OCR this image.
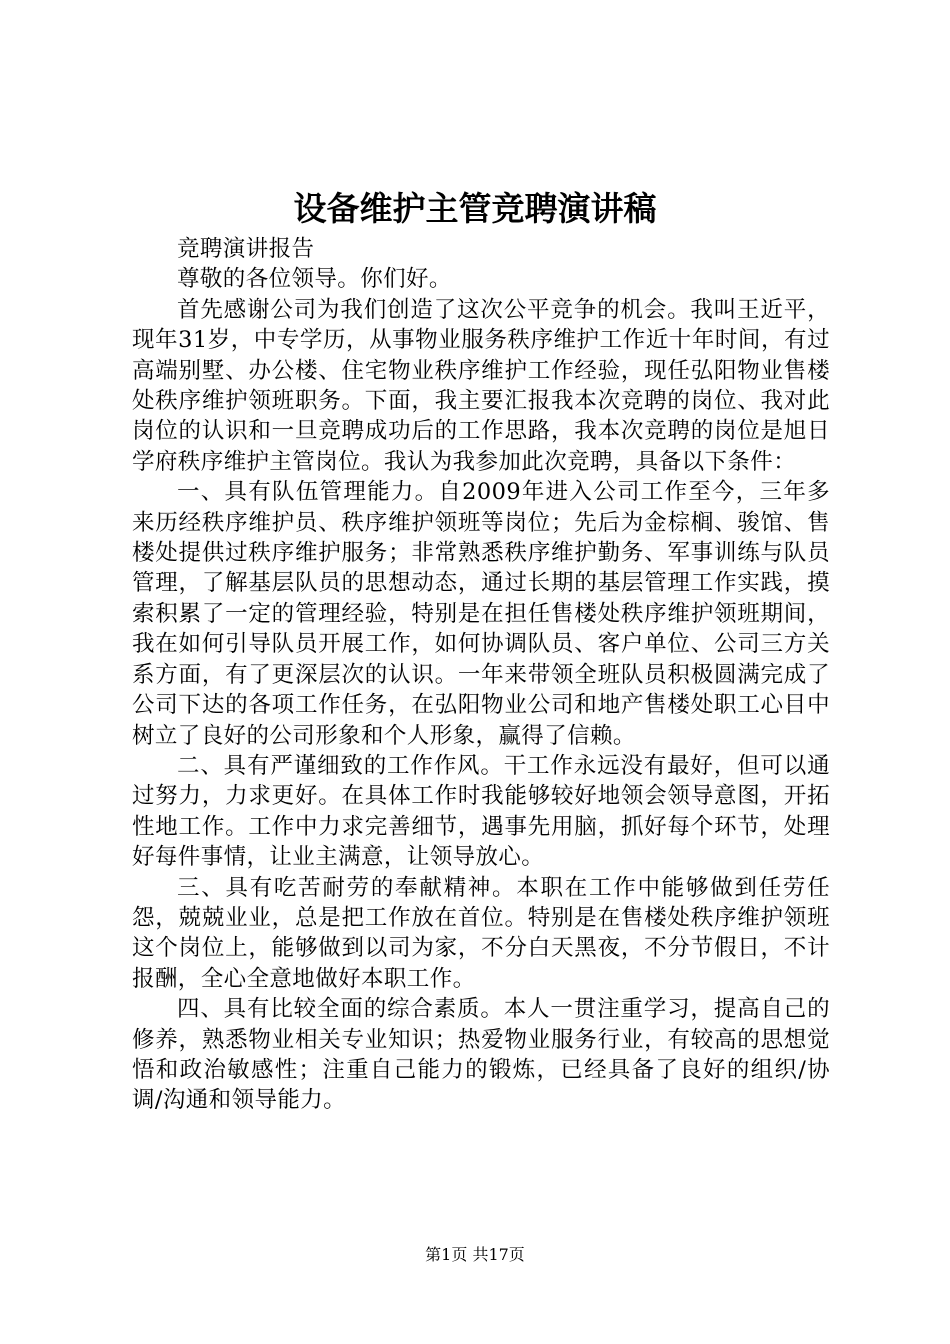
设备维护主管竞聘演讲稿

竞聘演讲报告

尊敬的各位领导。你们好。

首先感谢公司为我们创造了这次公平竞争的机会。我叫王近平，现年31岁，中专学历，从事物业服务秩序维护工作近十年时间，有过高端别墅、办公楼、住宅物业秩序维护工作经验，现任弘阳物业售楼处秩序维护领班职务。下面，我主要汇报我本次竞聘的岗位、我对此岗位的认识和一旦竞聘成功后的工作思路，我本次竞聘的岗位是旭日学府秩序维护主管岗位。我认为我参加此次竞聘，具备以下条件：

一、具有队伍管理能力。自2009年进入公司工作至今，三年多来历经秩序维护员、秩序维护领班等岗位；先后为金棕榈、骏馆、售楼处提供过秩序维护服务；非常熟悉秩序维护勤务、军事训练与队员管理，了解基层队员的思想动态，通过长期的基层管理工作实践，摸索积累了一定的管理经验，特别是在担任售楼处秩序维护领班期间，我在如何引导队员开展工作，如何协调队员、客户单位、公司三方关系方面，有了更深层次的认识。一年来带领全班队员积极圆满完成了公司下达的各项工作任务，在弘阳物业公司和地产售楼处职工心目中树立了良好的公司形象和个人形象，赢得了信赖。

二、具有严谨细致的工作作风。干工作永远没有最好，但可以通过努力，力求更好。在具体工作时我能够较好地领会领导意图，开拓性地工作。工作中力求完善细节，遇事先用脑，抓好每个环节，处理好每件事情，让业主满意，让领导放心。

三、具有吃苦耐劳的奉献精神。本职在工作中能够做到任劳任怨，兢兢业业，总是把工作放在首位。特别是在售楼处秩序维护领班这个岗位上，能够做到以司为家，不分白天黑夜，不分节假日，不计报酬，全心全意地做好本职工作。

四、具有比较全面的综合素质。本人一贯注重学习，提高自己的修养，熟悉物业相关专业知识；热爱物业服务行业，有较高的思想觉悟和政治敏感性；注重自己能力的锻炼，已经具备了良好的组织/协调/沟通和领导能力。

第1页 共17页
